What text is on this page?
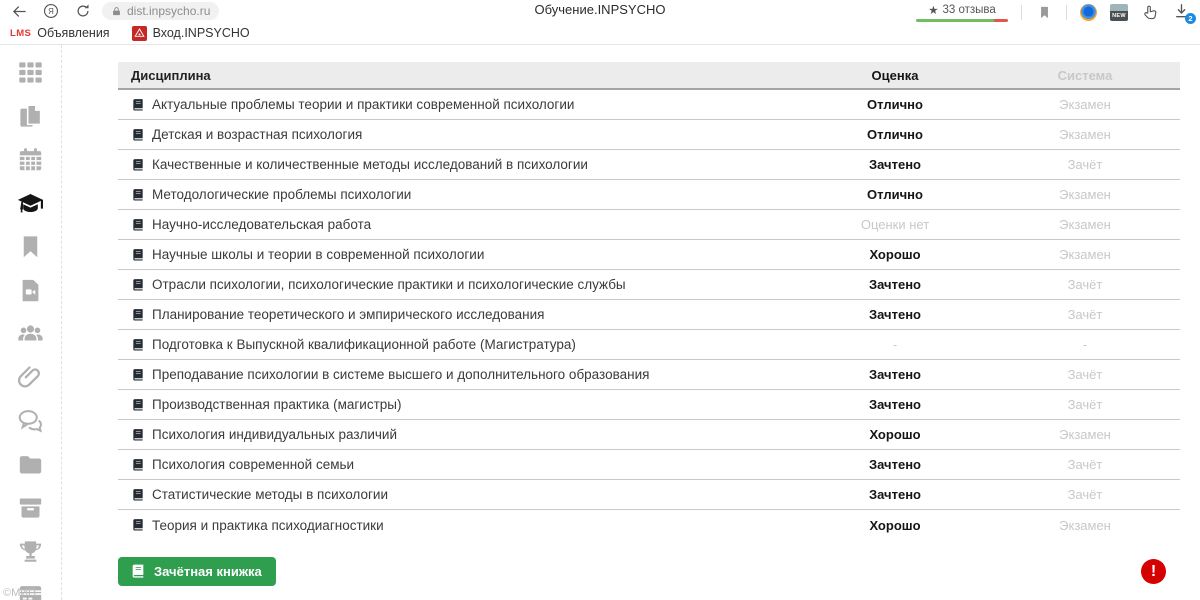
Я	dist.inpsycho.ru	Обучение.INPSYCHO	★ 33 отзыва	NEW	2
LMS Объявления	Вход.INPSYCHO
©МИП
Дисциплина	Оценка	Система
Актуальные проблемы теории и практики современной психологии	Отлично	Экзамен
Детская и возрастная психология	Отлично	Экзамен
Качественные и количественные методы исследований в психологии	Зачтено	Зачёт
Методологические проблемы психологии	Отлично	Экзамен
Научно-исследовательская работа	Оценки нет	Экзамен
Научные школы и теории в современной психологии	Хорошо	Экзамен
Отрасли психологии, психологические практики и психологические службы	Зачтено	Зачёт
Планирование теоретического и эмпирического исследования	Зачтено	Зачёт
Подготовка к Выпускной квалификационной работе (Магистратура)	-	-
Преподавание психологии в системе высшего и дополнительного образования	Зачтено	Зачёт
Производственная практика (магистры)	Зачтено	Зачёт
Психология индивидуальных различий	Хорошо	Экзамен
Психология современной семьи	Зачтено	Зачёт
Статистические методы в психологии	Зачтено	Зачёт
Теория и практика психодиагностики	Хорошо	Экзамен
Зачётная книжка	!
